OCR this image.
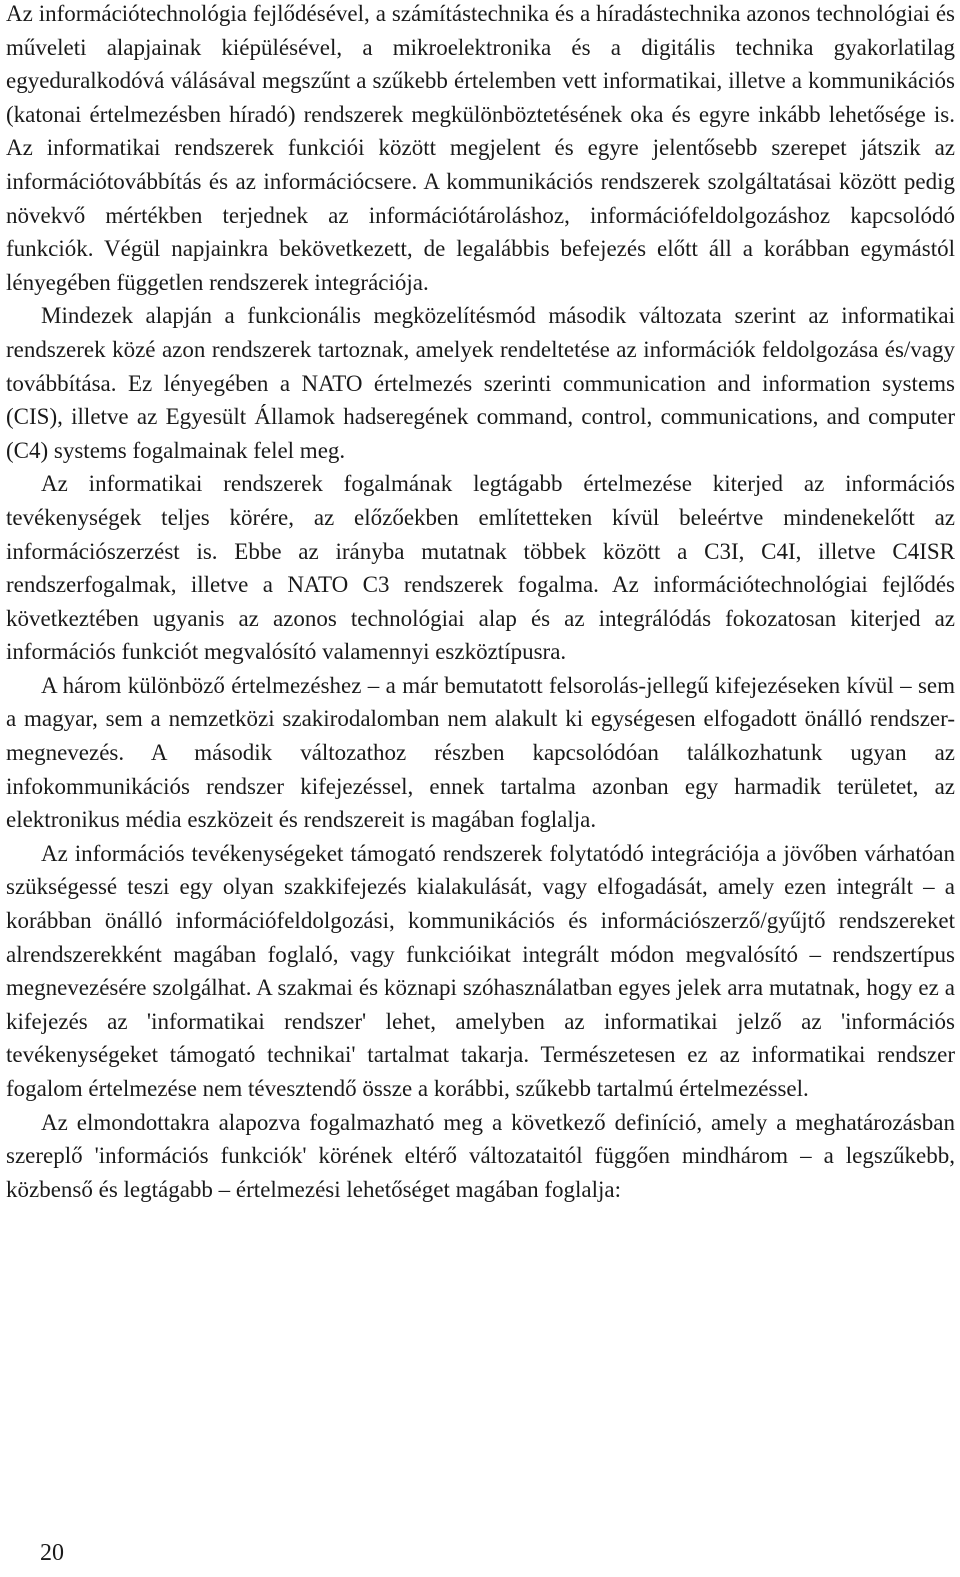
Az információtechnológia fejlődésével, a számítástechnika és a híradástechnika azonos technológiai és műveleti alapjainak kiépülésével, a mikroelektronika és a digitális technika gyakorlatilag egyeduralkodóvá válásával megszűnt a szűkebb értelemben vett informatikai, illetve a kommunikációs (katonai értelmezésben híradó) rendszerek megkülönböztetésének oka és egyre inkább lehetősége is. Az informatikai rendszerek funkciói között megjelent és egyre jelentősebb szerepet játszik az információtovábbítás és az információcsere. A kommunikációs rendszerek szolgáltatásai között pedig növekvő mértékben terjednek az információtároláshoz, információfeldolgozáshoz kapcsolódó funkciók. Végül napjainkra bekövetkezett, de legalábbis befejezés előtt áll a korábban egymástól lényegében független rendszerek integrációja.

Mindezek alapján a funkcionális megközelítésmód második változata szerint az informatikai rendszerek közé azon rendszerek tartoznak, amelyek rendeltetése az információk feldolgozása és/vagy továbbítása. Ez lényegében a NATO értelmezés szerinti communication and information systems (CIS), illetve az Egyesült Államok hadseregének command, control, communications, and computer (C4) systems fogalmainak felel meg.

Az informatikai rendszerek fogalmának legtágabb értelmezése kiterjed az információs tevékenységek teljes körére, az előzőekben említetteken kívül beleértve mindenekelőtt az információszerzést is. Ebbe az irányba mutatnak többek között a C3I, C4I, illetve C4ISR rendszerfogalmak, illetve a NATO C3 rendszerek fogalma. Az információtechnológiai fejlődés következtében ugyanis az azonos technológiai alap és az integrálódás fokozatosan kiterjed az információs funkciót megvalósító valamennyi eszköztípusra.

A három különböző értelmezéshez – a már bemutatott felsorolás-jellegű kifejezéseken kívül – sem a magyar, sem a nemzetközi szakirodalomban nem alakult ki egységesen elfogadott önálló rendszer-megnevezés. A második változathoz részben kapcsolódóan találkozhatunk ugyan az infokommunikációs rendszer kifejezéssel, ennek tartalma azonban egy harmadik területet, az elektronikus média eszközeit és rendszereit is magában foglalja.

Az információs tevékenységeket támogató rendszerek folytatódó integrációja a jövőben várhatóan szükségessé teszi egy olyan szakkifejezés kialakulását, vagy elfogadását, amely ezen integrált – a korábban önálló információfeldolgozási, kommunikációs és információszerző/gyűjtő rendszereket alrendszerekként magában foglaló, vagy funkcióikat integrált módon megvalósító – rendszertípus megnevezésére szolgálhat. A szakmai és köznapi szóhasználatban egyes jelek arra mutatnak, hogy ez a kifejezés az 'informatikai rendszer' lehet, amelyben az informatikai jelző az 'információs tevékenységeket támogató technikai' tartalmat takarja. Természetesen ez az informatikai rendszer fogalom értelmezése nem tévesztendő össze a korábbi, szűkebb tartalmú értelmezéssel.

Az elmondottakra alapozva fogalmazható meg a következő definíció, amely a meghatározásban szereplő 'információs funkciók' körének eltérő változataitól függően mindhárom – a legszűkebb, közbenső és legtágabb – értelmezési lehetőséget magában foglalja:

20
